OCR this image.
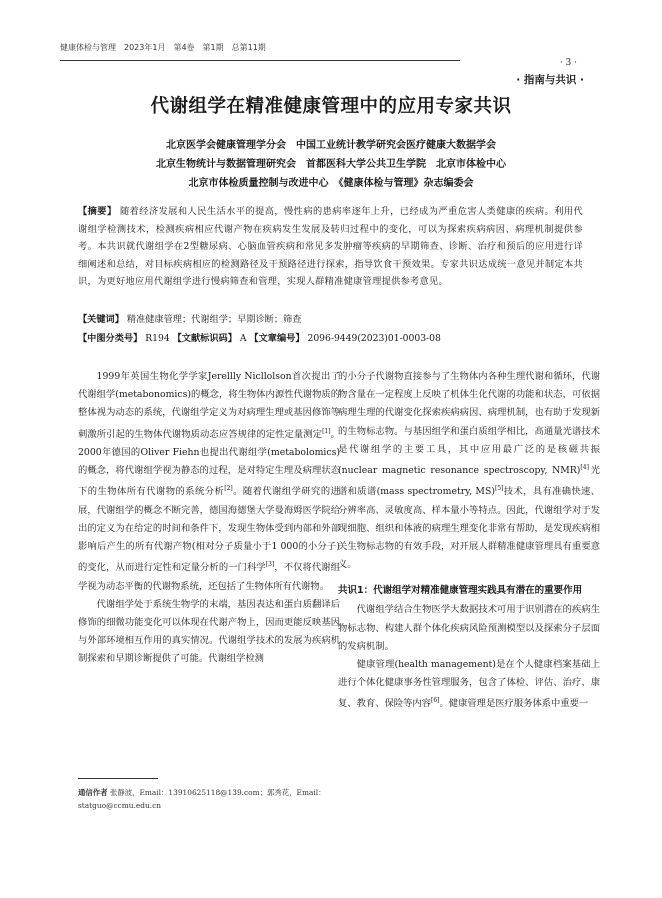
健康体检与管理　2023年1月　第4卷　第1期　总第11期
· 3 ·
· 指南与共识 ·
代谢组学在精准健康管理中的应用专家共识
北京医学会健康管理学分会　中国工业统计教学研究会医疗健康大数据学会
北京生物统计与数据管理研究会　首都医科大学公共卫生学院　北京市体检中心
北京市体检质量控制与改进中心　《健康体检与管理》杂志编委会
【摘要】 随着经济发展和人民生活水平的提高，慢性病的患病率逐年上升，已经成为严重危害人类健康的疾病。利用代谢组学检测技术，检测疾病相应代谢产物在疾病发生发展及转归过程中的变化，可以为探索疾病病因、病理机制提供参考。本共识就代谢组学在2型糖尿病、心脑血管疾病和常见多发肿瘤等疾病的早期筛查、诊断、治疗和预后的应用进行详细阐述和总结，对目标疾病相应的检测路径及干预路径进行探索，指导饮食干预效果。专家共识达成统一意见并制定本共识，为更好地应用代谢组学进行慢病筛查和管理，实现人群精准健康管理提供参考意见。
【关键词】 精准健康管理；代谢组学；早期诊断；筛查
【中图分类号】 R194 【文献标识码】 A 【文章编号】 2096-9449(2023)01-0003-08

1999年英国生物化学学家Jerellly Nicllolson首次提出了代谢组学(metabonomics)的概念，将生物体内源性代谢物质的整体视为动态的系统，代谢组学定义为对病理生理或基因修饰等刺激所引起的生物体代谢物质动态应答规律的定性定量测定[1]。2000年德国的Oliver Fiehn也提出代谢组学(metabolomics)的概念，将代谢组学视为静态的过程，是对特定生理及病理状态下的生物体所有代谢物的系统分析[2]。随着代谢组学研究的进展，代谢组学的概念不断完善，德国海德堡大学曼海姆医学院给出的定义为在给定的时间和条件下，发现生物体受到内部和外部影响后产生的所有代谢产物(相对分子质量小于1 000的小分子)的变化，从而进行定性和定量分析的一门科学[3]，不仅将代谢组学视为动态平衡的代谢物系统，还包括了生物体所有代谢物。

代谢组学处于系统生物学的末端，基因表达和蛋白质翻译后修饰的细微功能变化可以体现在代谢产物上，因而更能反映基因与外部环境相互作用的真实情况。代谢组学技术的发展为疾病机制探索和早期诊断提供了可能。代谢组学检测

的小分子代谢物直接参与了生物体内各种生理代谢和循环，代谢物含量在一定程度上反映了机体生化代谢的功能和状态，可依据病理生理的代谢变化探索疾病病因、病理机制，也有助于发现新的生物标志物。与基因组学和蛋白质组学相比，高通量光谱技术是代谢组学的主要工具，其中应用最广泛的是核磁共振(nuclear magnetic resonance spectroscopy, NMR)[4]光谱和质谱(mass spectrometry, MS)[5]技术，具有准确快速、分辨率高、灵敏度高、样本量小等特点。因此，代谢组学对于发现细胞、组织和体液的病理生理变化非常有帮助，是发现疾病相关生物标志物的有效手段，对开展人群精准健康管理具有重要意义。

共识1：代谢组学对精准健康管理实践具有潜在的重要作用

代谢组学结合生物医学大数据技术可用于识别潜在的疾病生物标志物、构建人群个体化疾病风险预测模型以及探索分子层面的发病机制。

健康管理(health management)是在个人健康档案基础上进行个体化健康事务性管理服务，包含了体检、评估、治疗、康复、教育、保险等内容[6]。健康管理是医疗服务体系中重要一

通信作者 张静波，Email：13910625118@139.com；郭秀花，Email：statguo@ccmu.edu.cn
